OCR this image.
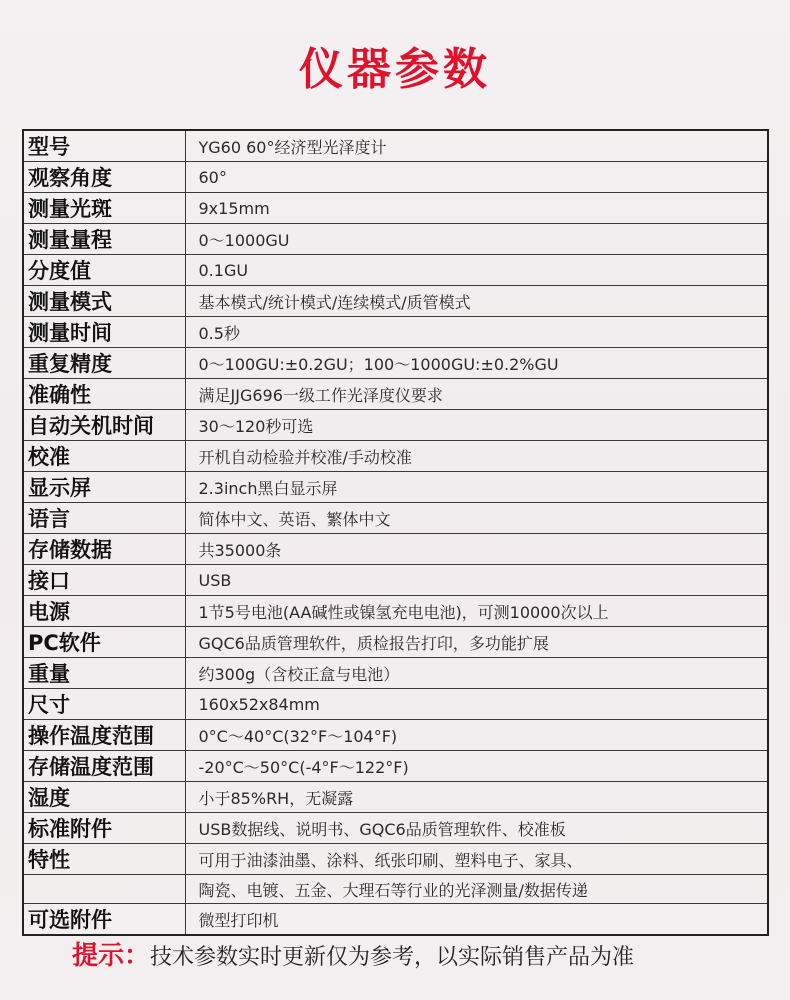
仪器参数
型号	YG60 60°经济型光泽度计
观察角度	60°
测量光斑	9x15mm
测量量程	0～1000GU
分度值	0.1GU
测量模式	基本模式/统计模式/连续模式/质管模式
测量时间	0.5秒
重复精度	0～100GU:±0.2GU；100～1000GU:±0.2%GU
准确性	满足JJG696一级工作光泽度仪要求
自动关机时间	30～120秒可选
校准	开机自动检验并校准/手动校准
显示屏	2.3inch黑白显示屏
语言	简体中文、英语、繁体中文
存储数据	共35000条
接口	USB
电源	1节5号电池(AA碱性或镍氢充电电池)，可测10000次以上
PC软件	GQC6品质管理软件，质检报告打印，多功能扩展
重量	约300g（含校正盒与电池）
尺寸	160x52x84mm
操作温度范围	0°C～40°C(32°F～104°F)
存储温度范围	-20°C～50°C(-4°F～122°F)
湿度	小于85%RH，无凝露
标准附件	USB数据线、说明书、GQC6品质管理软件、校准板
特性	可用于油漆油墨、涂料、纸张印刷、塑料电子、家具、
	陶瓷、电镀、五金、大理石等行业的光泽测量/数据传递
可选附件	微型打印机
提示：技术参数实时更新仅为参考，以实际销售产品为准
